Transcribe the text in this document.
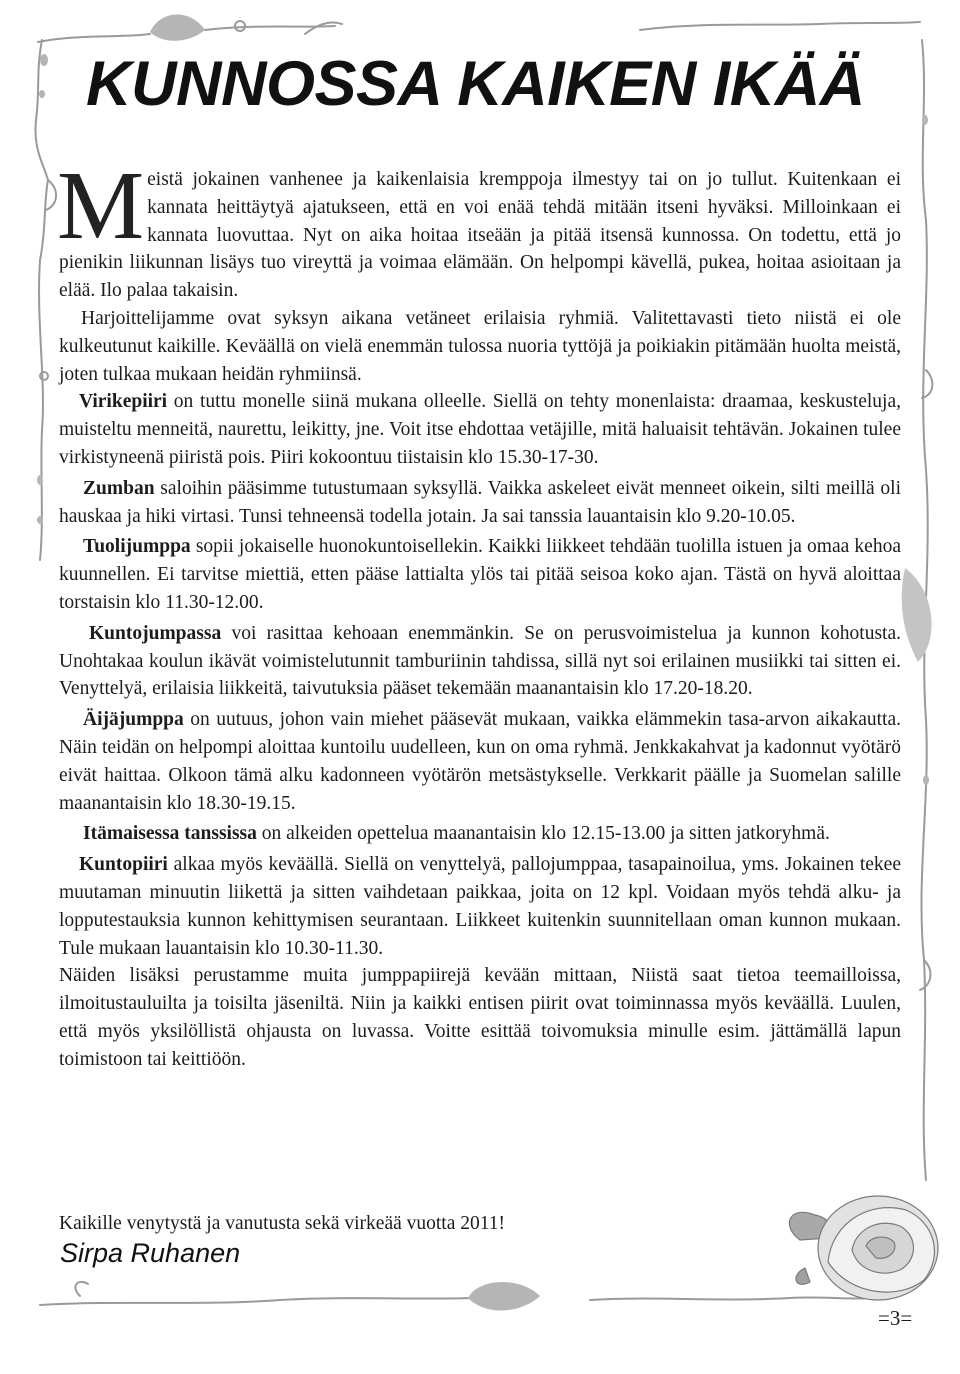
KUNNOSSA KAIKEN IKÄÄ

Meistä jokainen vanhenee ja kaikenlaisia kremppoja ilmestyy tai on jo tullut. Kuitenkaan ei kannata heittäytyä ajatukseen, että en voi enää tehdä mitään itseni hyväksi. Milloinkaan ei kannata luovuttaa. Nyt on aika hoitaa itseään ja pitää itsensä kunnossa. On todettu, että jo pienikin liikunnan lisäys tuo vireyttä ja voimaa elämään. On helpompi kävellä, pukea, hoitaa asioitaan ja elää. Ilo palaa takaisin.

Harjoittelijamme ovat syksyn aikana vetäneet erilaisia ryhmiä. Valitettavasti tieto niistä ei ole kulkeutunut kaikille. Keväällä on vielä enemmän tulossa nuoria tyttöjä ja poikiakin pitämään huolta meistä, joten tulkaa mukaan heidän ryhmiinsä.

Virikepiiri on tuttu monelle siinä mukana olleelle. Siellä on tehty monenlaista: draamaa, keskusteluja, muisteltu menneitä, naurettu, leikitty, jne. Voit itse ehdottaa vetäjille, mitä haluaisit tehtävän. Jokainen tulee virkistyneenä piiristä pois. Piiri kokoontuu tiistaisin klo 15.30-17-30.

Zumban saloihin pääsimme tutustumaan syksyllä. Vaikka askeleet eivät menneet oikein, silti meillä oli hauskaa ja hiki virtasi. Tunsi tehneensä todella jotain. Ja sai tanssia lauantaisin klo 9.20-10.05.

Tuolijumppa sopii jokaiselle huonokuntoisellekin. Kaikki liikkeet tehdään tuolilla istuen ja omaa kehoa kuunnellen. Ei tarvitse miettiä, etten pääse lattialta ylös tai pitää seisoa koko ajan. Tästä on hyvä aloittaa torstaisin klo 11.30-12.00.

Kuntojumpassa voi rasittaa kehoaan enemmänkin. Se on perusvoimistelua ja kunnon kohotusta. Unohtakaa koulun ikävät voimistelutunnit tamburiinin tahdissa, sillä nyt soi erilainen musiikki tai sitten ei. Venyttelyä, erilaisia liikkeitä, taivutuksia pääset tekemään maanantaisin klo 17.20-18.20.

Äijäjumppa on uutuus, johon vain miehet pääsevät mukaan, vaikka elämmekin tasa-arvon aikakautta. Näin teidän on helpompi aloittaa kuntoilu uudelleen, kun on oma ryhmä. Jenkkakahvat ja kadonnut vyötärö eivät haittaa. Olkoon tämä alku kadonneen vyötärön metsästykselle. Verkkarit päälle ja Suomelan salille maanantaisin klo 18.30-19.15.

Itämaisessa tanssissa on alkeiden opettelua maanantaisin klo 12.15-13.00 ja sitten jatkoryhmä.

Kuntopiiri alkaa myös keväällä. Siellä on venyttelyä, pallojumppaa, tasapainoilua, yms. Jokainen tekee muutaman minuutin liikettä ja sitten vaihdetaan paikkaa, joita on 12 kpl. Voidaan myös tehdä alku- ja lopputestauksia kunnon kehittymisen seurantaan. Liikkeet kuitenkin suunnitellaan oman kunnon mukaan. Tule mukaan lauantaisin klo 10.30-11.30.

Näiden lisäksi perustamme muita jumppapiirejä kevään mittaan, Niistä saat tietoa teemailloissa, ilmoitustauluilta ja toisilta jäseniltä. Niin ja kaikki entisen piirit ovat toiminnassa myös keväällä. Luulen, että myös yksilöllistä ohjausta on luvassa. Voitte esittää toivomuksia minulle esim. jättämällä lapun toimistoon tai keittiöön.

Kaikille venytystä ja vanutusta sekä virkeää vuotta 2011!
Sirpa Ruhanen
=3=
